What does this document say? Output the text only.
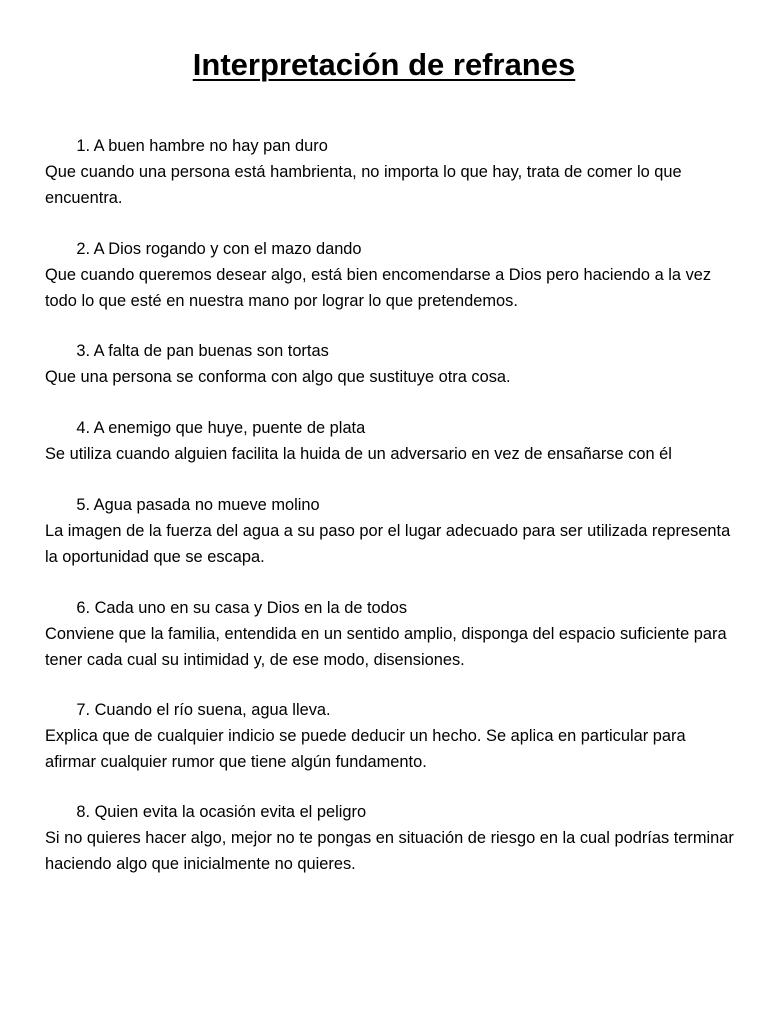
Interpretación de refranes

1. A buen hambre no hay pan duro

Que cuando una persona está hambrienta, no importa lo que hay, trata de comer lo que encuentra.

2. A Dios rogando y con el mazo dando

Que cuando queremos desear algo, está bien encomendarse a Dios pero haciendo a la vez todo lo que esté en nuestra mano por lograr lo que pretendemos.

3. A falta de pan buenas son tortas

Que una persona se conforma con algo que sustituye otra cosa.

4. A enemigo que huye, puente de plata

Se utiliza cuando alguien facilita la huida de un adversario en vez de ensañarse con él

5. Agua pasada no mueve molino

La imagen de la fuerza del agua a su paso por el lugar adecuado para ser utilizada representa la oportunidad que se escapa.

6. Cada uno en su casa y Dios en la de todos

Conviene que la familia, entendida en un sentido amplio, disponga del espacio suficiente para tener cada cual su intimidad y, de ese modo, disensiones.

7. Cuando el río suena, agua lleva.

Explica que de cualquier indicio se puede deducir un hecho. Se aplica en particular para afirmar cualquier rumor que tiene algún fundamento.

8. Quien evita la ocasión evita el peligro

Si no quieres hacer algo, mejor no te pongas en situación de riesgo en la cual podrías terminar haciendo algo que inicialmente no quieres.
